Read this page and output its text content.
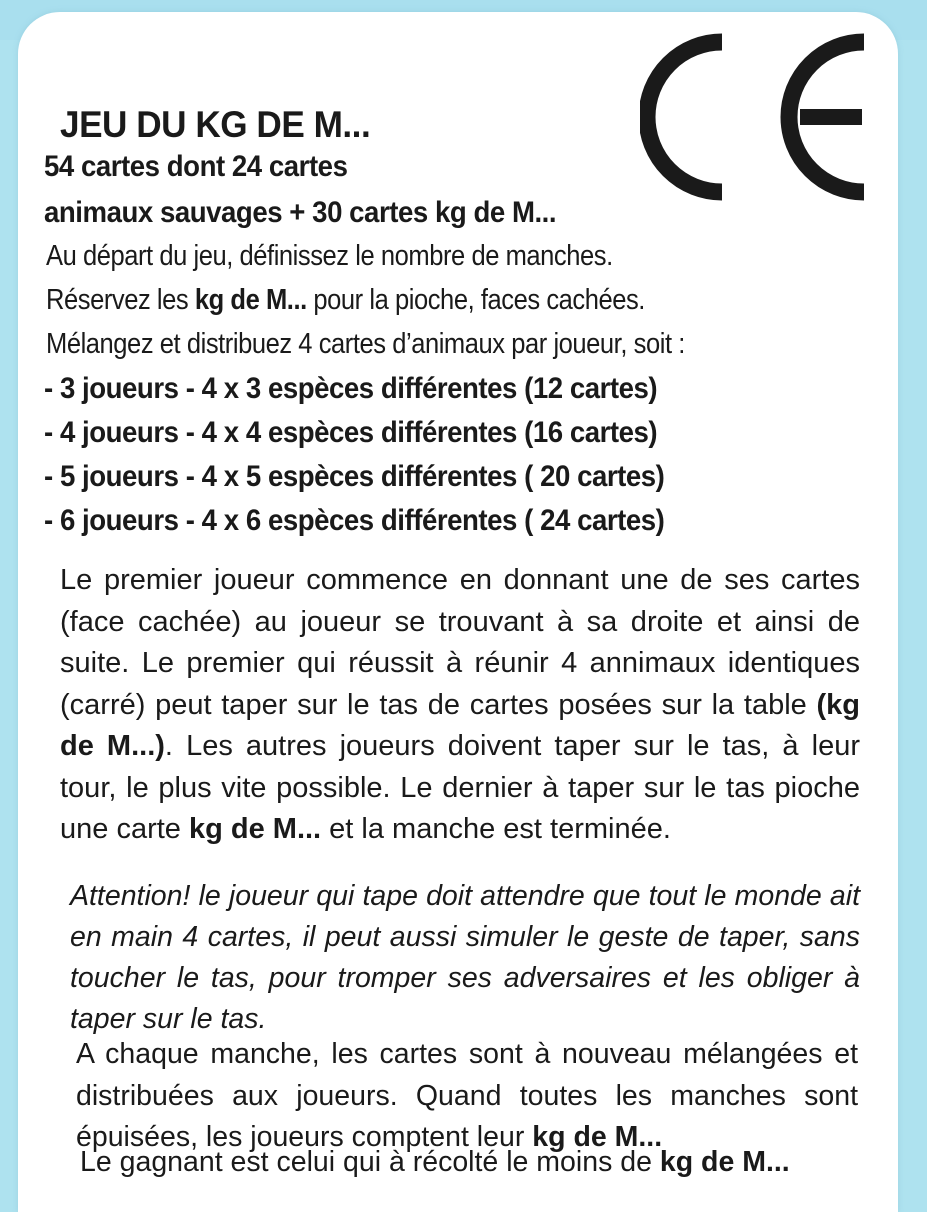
JEU DU KG DE M...
54 cartes dont 24 cartes
animaux sauvages + 30 cartes kg de M...
Au départ du jeu, définissez le nombre de manches.
Réservez les kg de M... pour la pioche, faces cachées.
Mélangez et distribuez 4 cartes d’animaux par joueur, soit :
- 3 joueurs - 4 x 3 espèces différentes (12 cartes)
- 4 joueurs - 4 x 4 espèces différentes (16 cartes)
- 5 joueurs - 4 x 5 espèces différentes ( 20 cartes)
- 6 joueurs - 4 x 6 espèces différentes ( 24 cartes)
Le premier joueur commence en donnant une de ses cartes (face cachée) au joueur se trouvant à sa droite et ainsi de suite. Le premier qui réussit à réunir 4 annimaux identiques (carré) peut taper sur le tas de cartes posées sur la table (kg de M...). Les autres joueurs doivent taper sur le tas, à leur tour, le plus vite possible. Le dernier à taper sur le tas pioche une carte kg de M... et la manche est terminée.
Attention! le joueur qui tape doit attendre que tout le monde ait en main 4 cartes, il peut aussi simuler le geste de taper, sans toucher le tas, pour tromper ses adversaires et les obliger à taper sur le tas.
A chaque manche, les cartes sont à nouveau mélangées et distribuées aux joueurs. Quand toutes les manches sont épuisées, les joueurs comptent leur kg de M...
Le gagnant est celui qui à récolté le moins de kg de M...
